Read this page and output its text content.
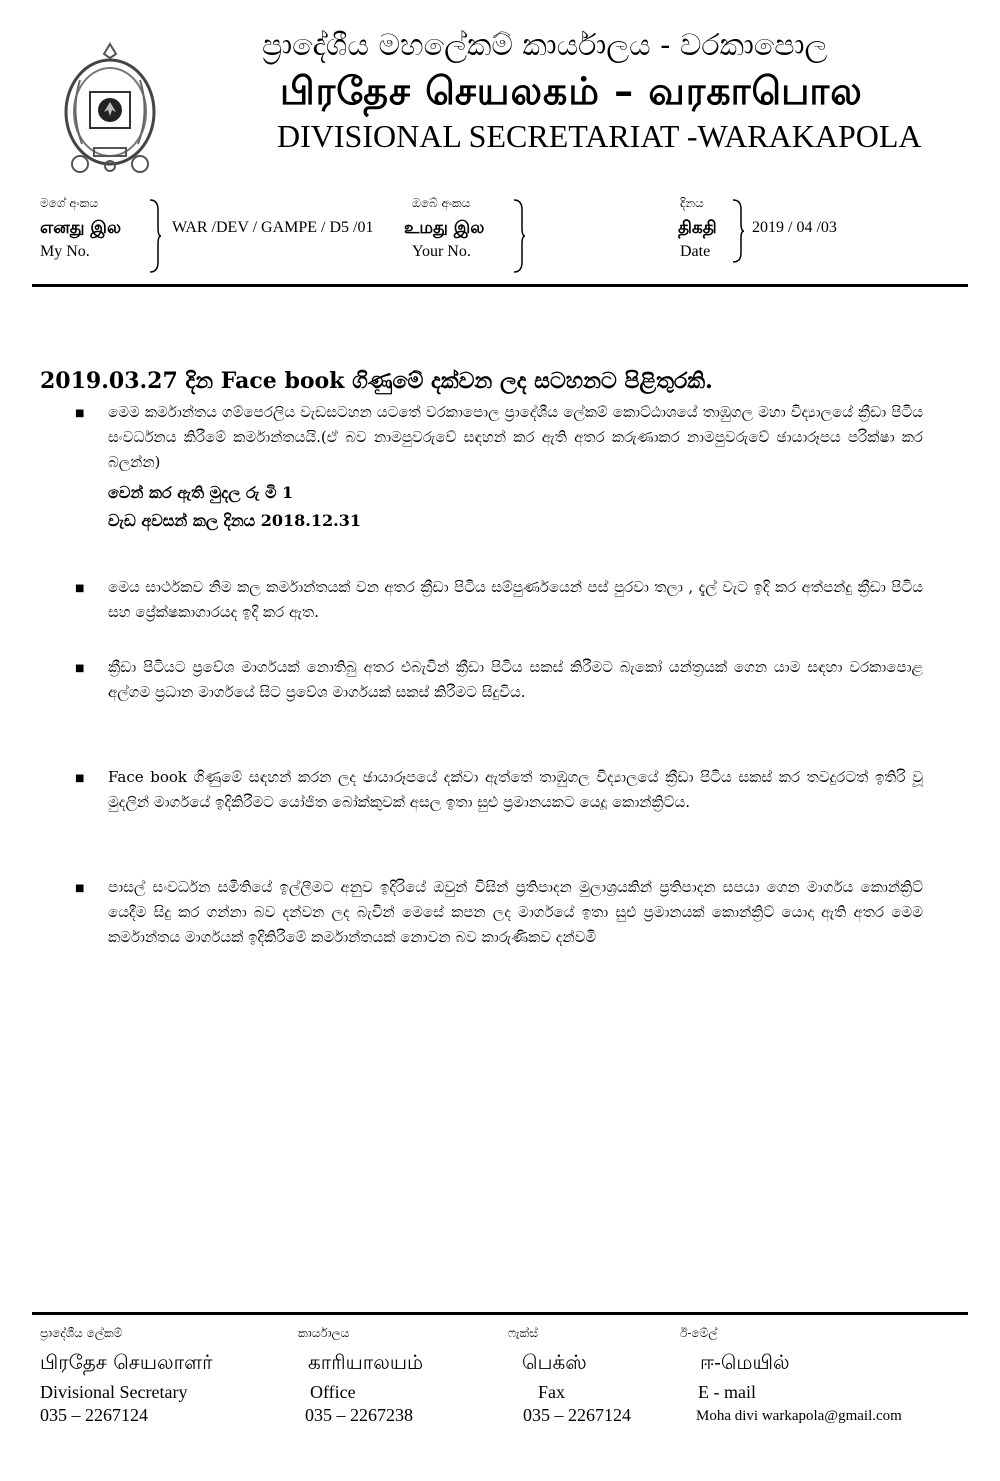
ප්‍රාදේශීය මහලේකම් කාර්යාලය - වරකාපොල
பிரதேச செயலகம் – வரகாபொல
DIVISIONAL SECRETARIAT -WARAKAPOLA
මගේ අංකය
எனது இல
My No.
WAR /DEV / GAMPE / D5 /01
ඔබේ අංකය
உமது இல
Your No.
දිනය
திகதி
Date
2019 / 04 /03
2019.03.27 දින Face book ගිණුමේ දක්වන ලද සටහනට පිළිතුරකි.
■ මෙම කර්මාන්තය ගම්පෙරලිය වැඩසටහන යටතේ වරකාපොල ප්‍රාදේශීය ලේකම් කොට්ඨාශයේ තාඹුගල මහා විද්‍යාලයේ ක්‍රීඩා පිටිය සංවර්ධනය කිරීමේ කර්මාන්තයයි.(ඒ බව නාමපුවරුවේ සඳහන් කර ඇති අතර කරුණාකර නාමපුවරුවේ ඡායාරූපය පරික්ෂා කර බලන්න)
වෙන් කර ඇති මුදල රු මි 1
වැඩ අවසන් කල දිනය 2018.12.31
■ මෙය සාර්ථකව නිම කල කර්මාන්තයක් වන අතර ක්‍රීඩා පිටිය සම්පුර්ණයෙන් පස් පුරවා තලා , දැල් වැට ඉදි කර අත්පන්දු ක්‍රීඩා පිටිය සහ ප්‍රේක්ෂකාගාරයද ඉදි කර ඇත.
■ ක්‍රීඩා පිටියට ප්‍රවේශ මාර්ගයක් නොතිබු අතර එබැවින් ක්‍රීඩා පිටිය සකස් කිරීමට බැකෝ යන්ත්‍රයක් ගෙන යාම සඳහා වරකාපොළ අල්ගම ප්‍රධාන මාර්ගයේ සිට ප්‍රවේශ මාර්ගයක් සකස් කිරීමට සිදුවිය.
■ Face book ගිණුමේ සඳහන් කරන ලද ඡායාරූපයේ දක්වා ඇත්තේ තාඹුගල විද්‍යාලයේ ක්‍රීඩා පිටිය සකස් කර තවදුරටත් ඉතිරි වූ මුදලින් මාර්ගයේ ඉදිකිරීමට යෝජිත බෝක්කුවක් අසල ඉතා සුළු ප්‍රමානයකට යෙදූ කොන්ක්‍රිට්ය.
■ පාසල් සංවර්ධන සමිතියේ ඉල්ලීමට අනුව ඉදිරියේ ඔවුන් විසින් ප්‍රතිපාදන මුලාශ්‍රයකින් ප්‍රතිපාදන සපයා ගෙන මාර්ගය කොන්ක්‍රිට් යෙදීම සිදු කර ගන්නා බව දන්වන ලද බැවින් මෙසේ කපන ලද මාර්ගයේ ඉතා සුළු ප්‍රමානයක් කොන්ක්‍රිට් යොදා ඇති අතර මෙම කර්මාන්තය මාර්ගයක් ඉදිකිරීමේ කර්මාන්තයක් නොවන බව කාරුණිකව දන්වමි
ප්‍රාදේශීය ලේකම්
பிரதேச செயலாளர்
Divisional Secretary
035 – 2267124
කාර්යාලය
காரியாலயம்
Office
035 – 2267238
ෆැක්ස්
பெக்ஸ்
Fax
035 – 2267124
ඊ-මේල්
ஈ-மெயில்
E - mail
Moha divi warkapola@gmail.com
